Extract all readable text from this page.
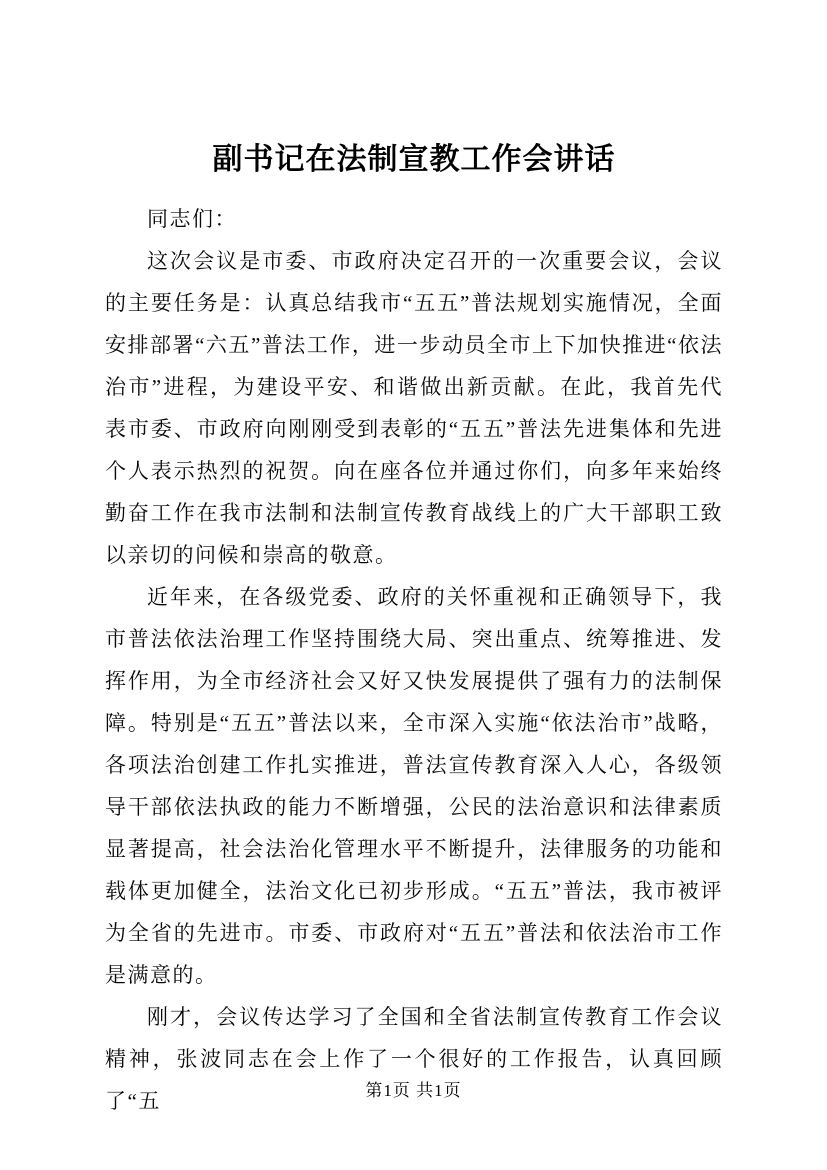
副书记在法制宣教工作会讲话

同志们：

这次会议是市委、市政府决定召开的一次重要会议，会议的主要任务是：认真总结我市“五五”普法规划实施情况，全面安排部署“六五”普法工作，进一步动员全市上下加快推进“依法治市”进程，为建设平安、和谐做出新贡献。在此，我首先代表市委、市政府向刚刚受到表彰的“五五”普法先进集体和先进个人表示热烈的祝贺。向在座各位并通过你们，向多年来始终勤奋工作在我市法制和法制宣传教育战线上的广大干部职工致以亲切的问候和崇高的敬意。

近年来，在各级党委、政府的关怀重视和正确领导下，我市普法依法治理工作坚持围绕大局、突出重点、统筹推进、发挥作用，为全市经济社会又好又快发展提供了强有力的法制保障。特别是“五五”普法以来，全市深入实施“依法治市”战略，各项法治创建工作扎实推进，普法宣传教育深入人心，各级领导干部依法执政的能力不断增强，公民的法治意识和法律素质显著提高，社会法治化管理水平不断提升，法律服务的功能和载体更加健全，法治文化已初步形成。“五五”普法，我市被评为全省的先进市。市委、市政府对“五五”普法和依法治市工作是满意的。

刚才，会议传达学习了全国和全省法制宣传教育工作会议精神，张波同志在会上作了一个很好的工作报告，认真回顾了“五	第1页 共1页
